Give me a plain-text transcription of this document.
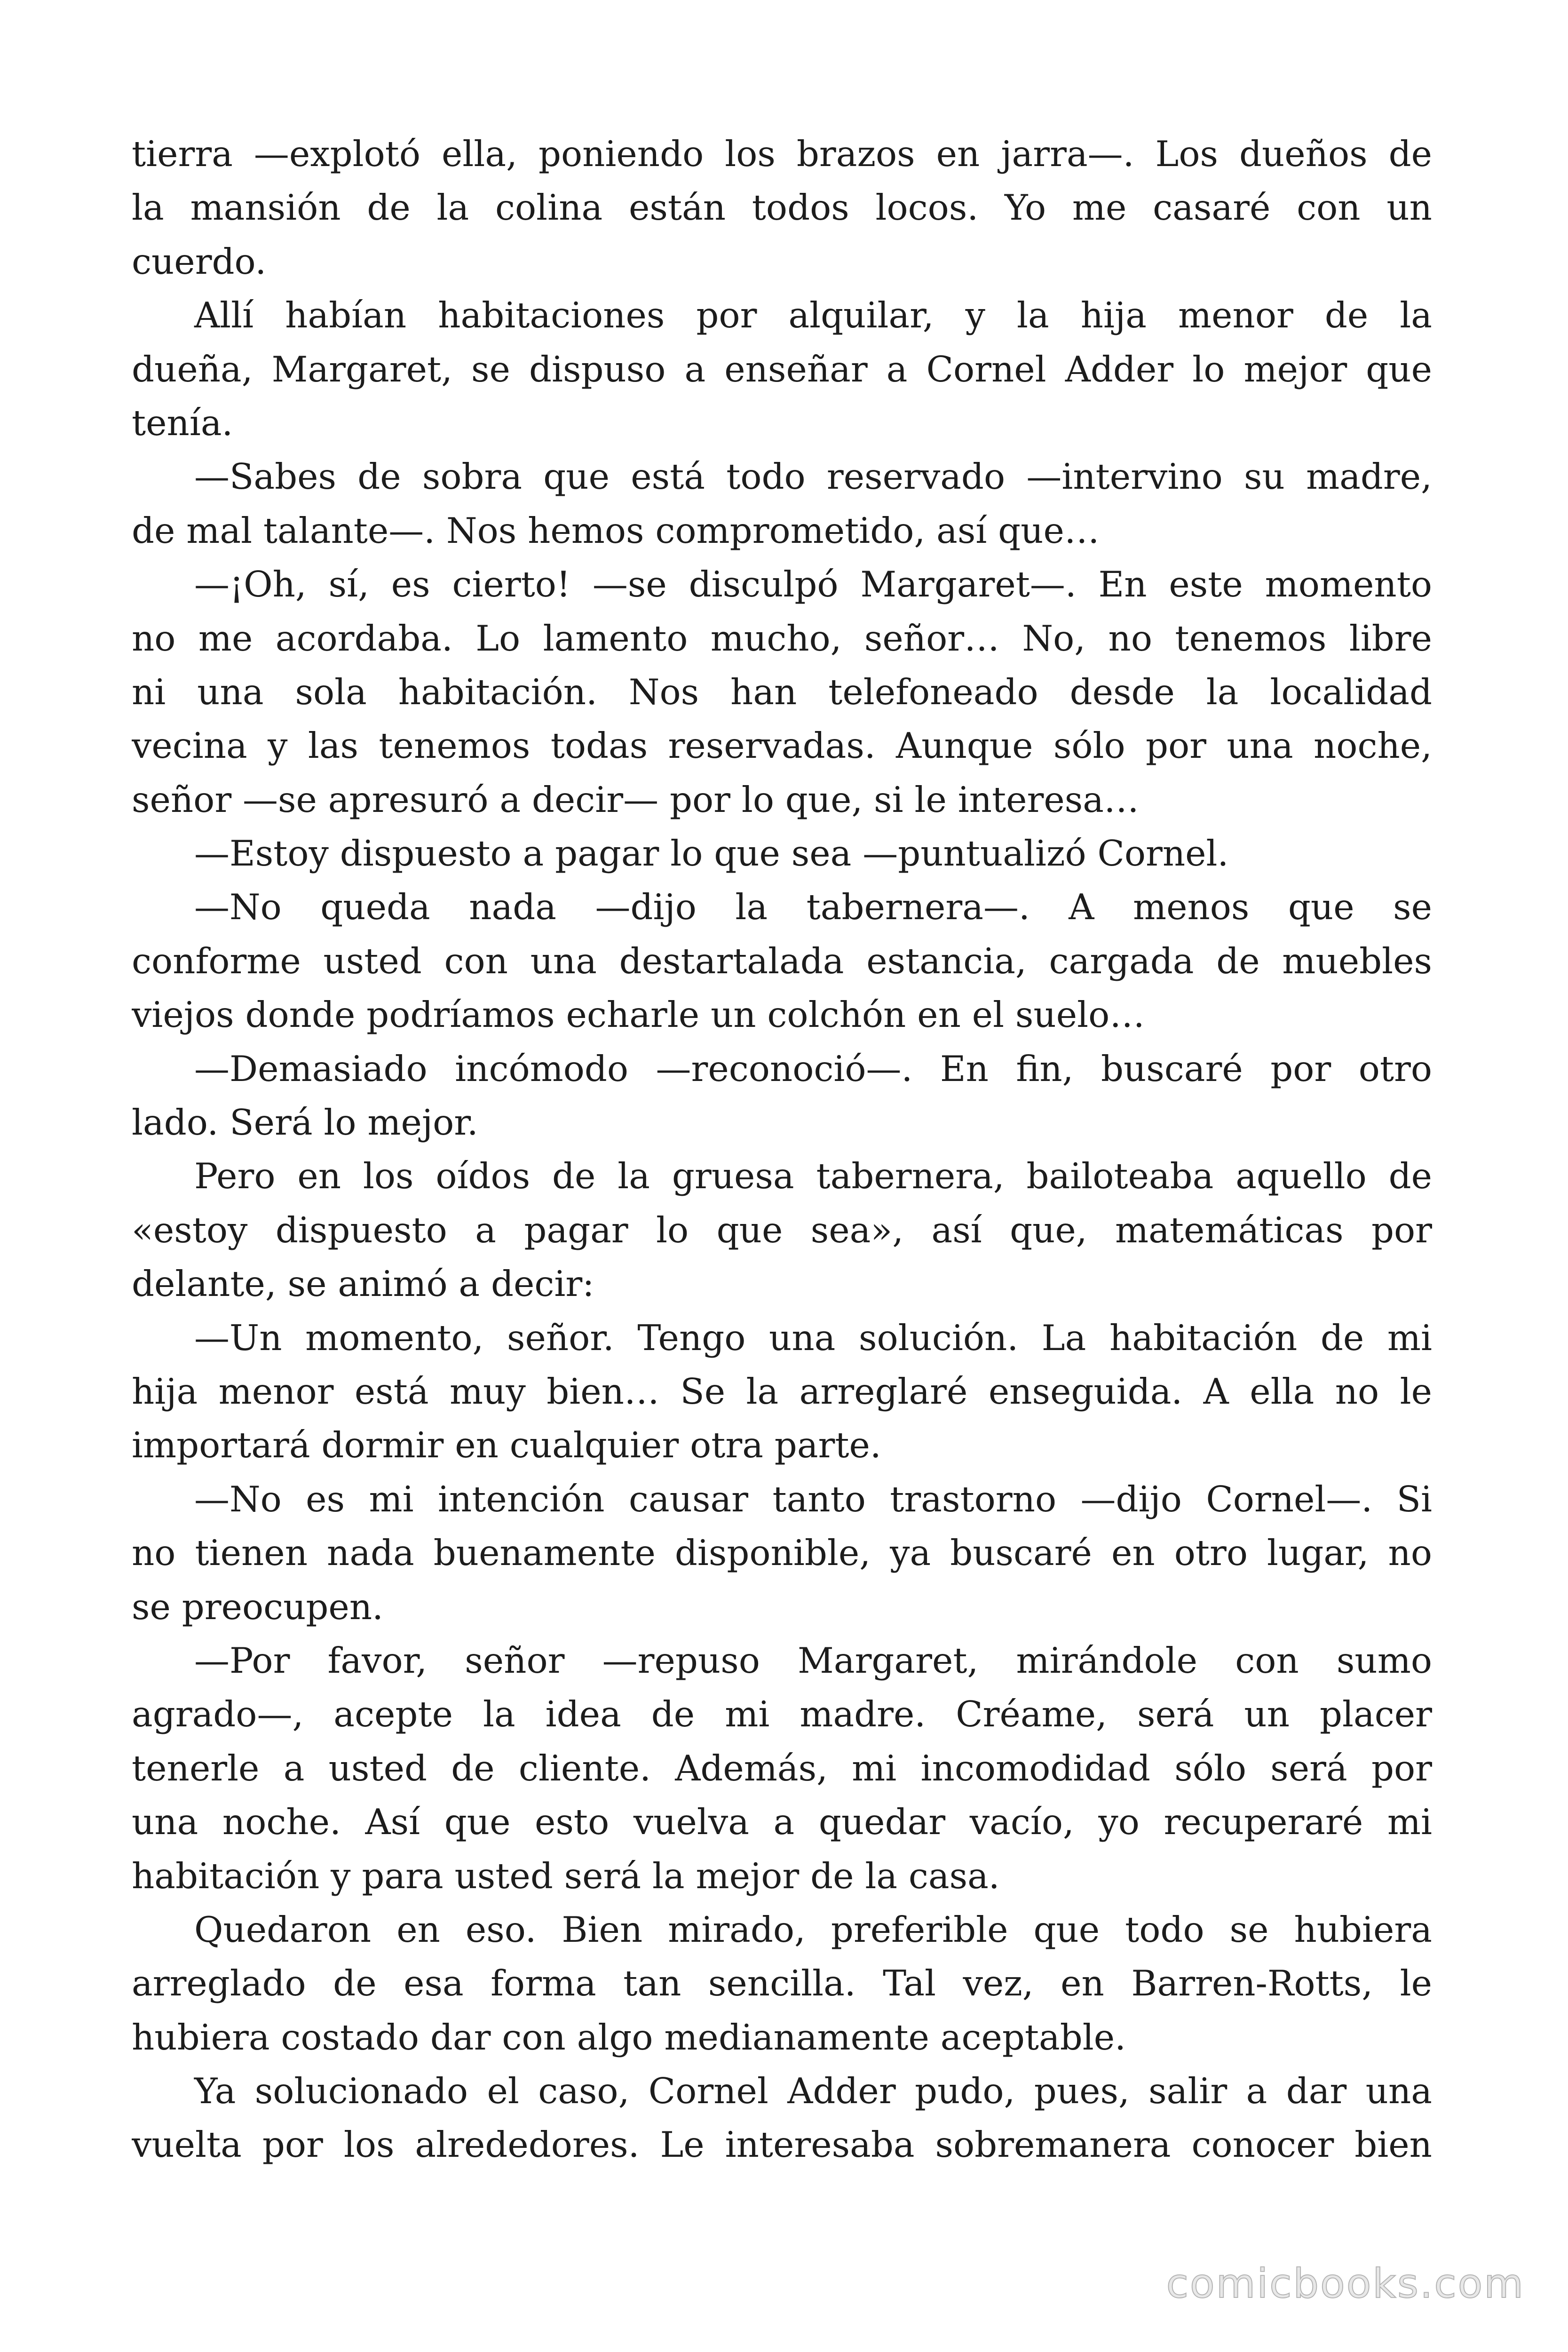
tierra —explotó ella, poniendo los brazos en jarra—. Los dueños de
la mansión de la colina están todos locos. Yo me casaré con un
cuerdo.
Allí habían habitaciones por alquilar, y la hija menor de la
dueña, Margaret, se dispuso a enseñar a Cornel Adder lo mejor que
tenía.
—Sabes de sobra que está todo reservado —intervino su madre,
de mal talante—. Nos hemos comprometido, así que…
—¡Oh, sí, es cierto! —se disculpó Margaret—. En este momento
no me acordaba. Lo lamento mucho, señor… No, no tenemos libre
ni una sola habitación. Nos han telefoneado desde la localidad
vecina y las tenemos todas reservadas. Aunque sólo por una noche,
señor —se apresuró a decir— por lo que, si le interesa…
—Estoy dispuesto a pagar lo que sea —puntualizó Cornel.
—No queda nada —dijo la tabernera—. A menos que se
conforme usted con una destartalada estancia, cargada de muebles
viejos donde podríamos echarle un colchón en el suelo…
—Demasiado incómodo —reconoció—. En fin, buscaré por otro
lado. Será lo mejor.
Pero en los oídos de la gruesa tabernera, bailoteaba aquello de
«estoy dispuesto a pagar lo que sea», así que, matemáticas por
delante, se animó a decir:
—Un momento, señor. Tengo una solución. La habitación de mi
hija menor está muy bien… Se la arreglaré enseguida. A ella no le
importará dormir en cualquier otra parte.
—No es mi intención causar tanto trastorno —dijo Cornel—. Si
no tienen nada buenamente disponible, ya buscaré en otro lugar, no
se preocupen.
—Por favor, señor —repuso Margaret, mirándole con sumo
agrado—, acepte la idea de mi madre. Créame, será un placer
tenerle a usted de cliente. Además, mi incomodidad sólo será por
una noche. Así que esto vuelva a quedar vacío, yo recuperaré mi
habitación y para usted será la mejor de la casa.
Quedaron en eso. Bien mirado, preferible que todo se hubiera
arreglado de esa forma tan sencilla. Tal vez, en Barren-Rotts, le
hubiera costado dar con algo medianamente aceptable.
Ya solucionado el caso, Cornel Adder pudo, pues, salir a dar una
vuelta por los alrededores. Le interesaba sobremanera conocer bien
comicbooks.com
